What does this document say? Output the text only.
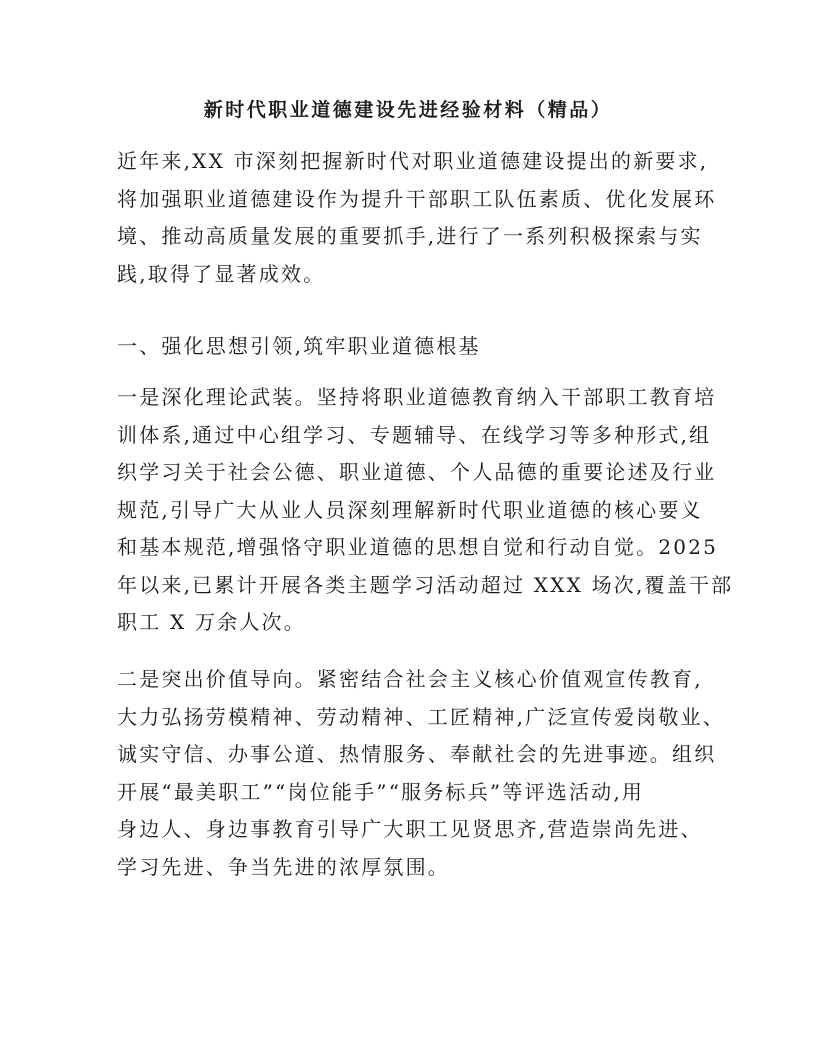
新时代职业道德建设先进经验材料（精品）

近年来,XX 市深刻把握新时代对职业道德建设提出的新要求,
将加强职业道德建设作为提升干部职工队伍素质、优化发展环
境、推动高质量发展的重要抓手,进行了一系列积极探索与实
践,取得了显著成效。

一、强化思想引领,筑牢职业道德根基

一是深化理论武装。坚持将职业道德教育纳入干部职工教育培
训体系,通过中心组学习、专题辅导、在线学习等多种形式,组
织学习关于社会公德、职业道德、个人品德的重要论述及行业
规范,引导广大从业人员深刻理解新时代职业道德的核心要义
和基本规范,增强恪守职业道德的思想自觉和行动自觉。2025
年以来,已累计开展各类主题学习活动超过 XXX 场次,覆盖干部
职工 X 万余人次。

二是突出价值导向。紧密结合社会主义核心价值观宣传教育,
大力弘扬劳模精神、劳动精神、工匠精神,广泛宣传爱岗敬业、
诚实守信、办事公道、热情服务、奉献社会的先进事迹。组织
开展“最美职工”“岗位能手”“服务标兵”等评选活动,用
身边人、身边事教育引导广大职工见贤思齐,营造崇尚先进、
学习先进、争当先进的浓厚氛围。
